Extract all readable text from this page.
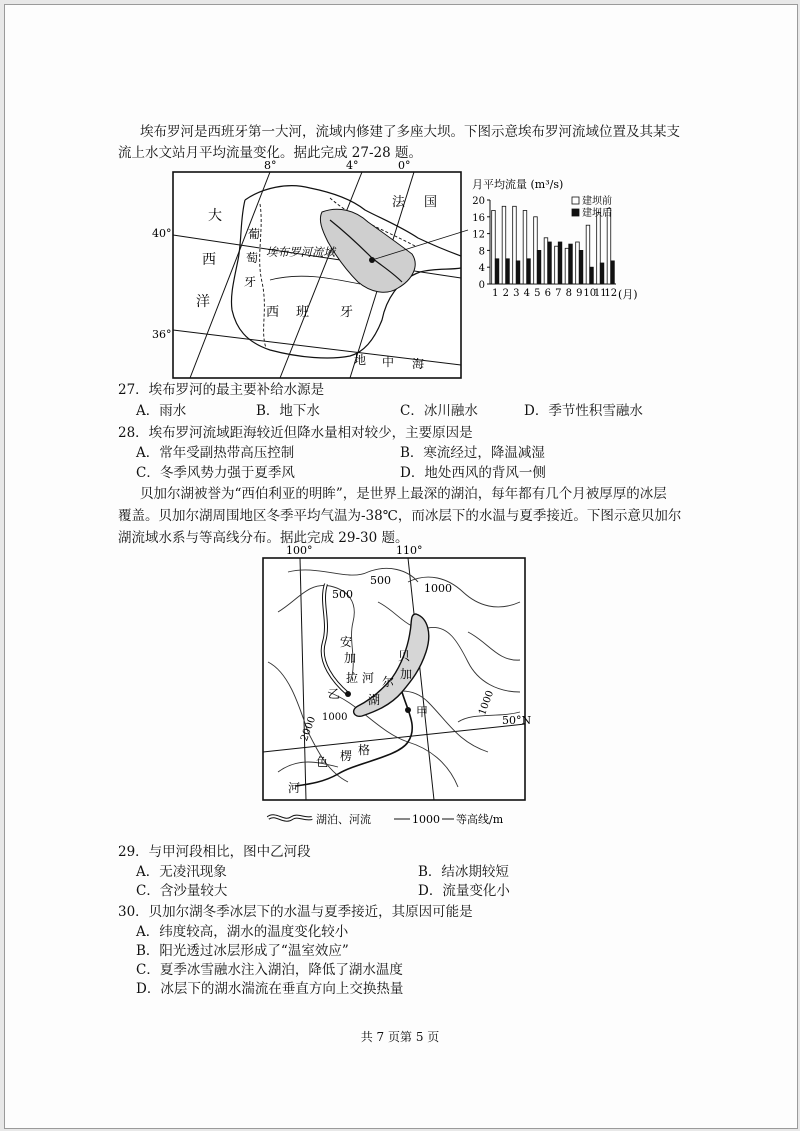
埃布罗河是西班牙第一大河，流域内修建了多座大坝。下图示意埃布罗河流域位置及其某支
流上水文站月平均流量变化。据此完成 27-28 题。
8°	4°	0°
40°
36°
大
西
洋
葡
萄
牙
西 班 牙
法 国
埃布罗河流域
地 中 海
月平均流量 (m³/s)
0
4
8
12
16
20
1 2 3 4 5 6 7 8 9 10
11
12
建坝前
建坝后
(月)
27．埃布罗河的最主要补给水源是
A．雨水	B．地下水	C．冰川融水	D．季节性积雪融水
28．埃布罗河流域距海较近但降水量相对较少，主要原因是
A．常年受副热带高压控制	B．寒流经过，降温减湿
C．冬季风势力强于夏季风	D．地处西风的背风一侧
贝加尔湖被誉为“西伯利亚的明眸”，是世界上最深的湖泊，每年都有几个月被厚厚的冰层
覆盖。贝加尔湖周围地区冬季平均气温为-38℃，而冰层下的水温与夏季接近。下图示意贝加尔
湖流域水系与等高线分布。据此完成 29-30 题。
100°	110°
50°N
500
500	1000
1000
2000
1000
安
加
拉 河
贝
加
尔
湖
乙
甲
河
色 楞 格
湖泊、河流	1000 等高线/m
29．与甲河段相比，图中乙河段
A．无凌汛现象	B．结冰期较短
C．含沙量较大	D．流量变化小
30．贝加尔湖冬季冰层下的水温与夏季接近，其原因可能是
A．纬度较高，湖水的温度变化较小
B．阳光透过冰层形成了“温室效应”
C．夏季冰雪融水注入湖泊，降低了湖水温度
D．冰层下的湖水湍流在垂直方向上交换热量
共 7 页第 5 页
